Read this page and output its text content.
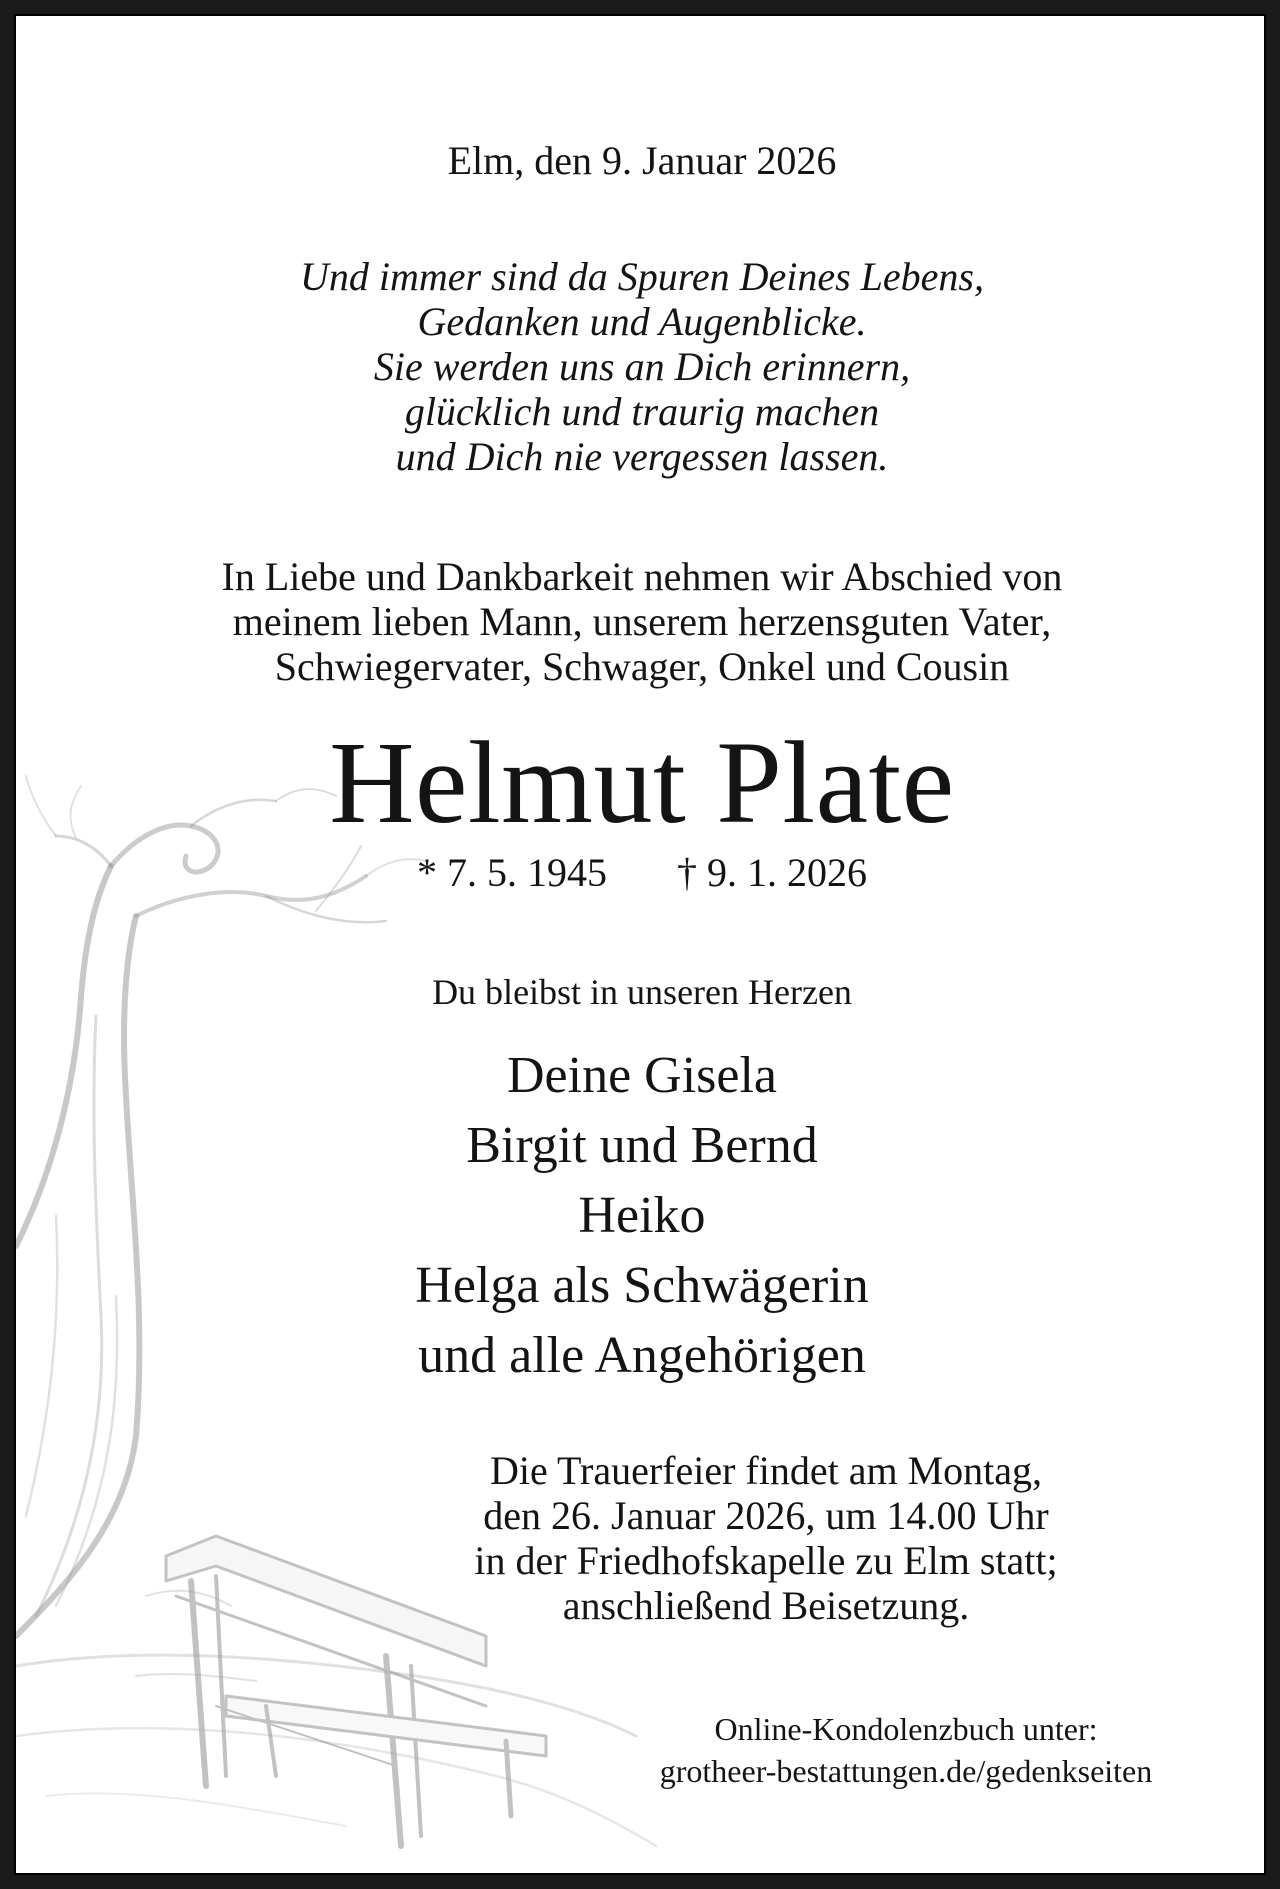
Elm, den 9. Januar 2026
Und immer sind da Spuren Deines Lebens,
Gedanken und Augenblicke.
Sie werden uns an Dich erinnern,
glücklich und traurig machen
und Dich nie vergessen lassen.
In Liebe und Dankbarkeit nehmen wir Abschied von
meinem lieben Mann, unserem herzensguten Vater,
Schwiegervater, Schwager, Onkel und Cousin
Helmut Plate
* 7. 5. 1945 † 9. 1. 2026
Du bleibst in unseren Herzen
Deine Gisela
Birgit und Bernd
Heiko
Helga als Schwägerin
und alle Angehörigen
Die Trauerfeier findet am Montag,
den 26. Januar 2026, um 14.00 Uhr
in der Friedhofskapelle zu Elm statt;
anschließend Beisetzung.
Online-Kondolenzbuch unter:
grotheer-bestattungen.de/gedenkseiten
